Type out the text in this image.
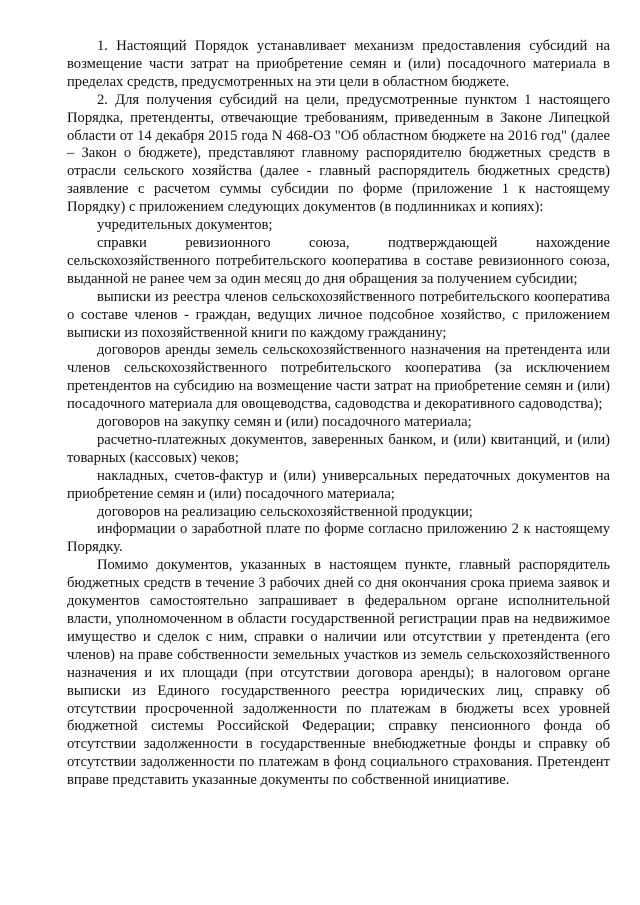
1. Настоящий Порядок устанавливает механизм предоставления субсидий на возмещение части затрат на приобретение семян и (или) посадочного материала в пределах средств, предусмотренных на эти цели в областном бюджете.

2. Для получения субсидий на цели, предусмотренные пунктом 1 настоящего Порядка, претенденты, отвечающие требованиям, приведенным в Законе Липецкой области от 14 декабря 2015 года N 468-ОЗ "Об областном бюджете на 2016 год" (далее – Закон о бюджете), представляют главному распорядителю бюджетных средств в отрасли сельского хозяйства (далее - главный распорядитель бюджетных средств) заявление с расчетом суммы субсидии по форме (приложение 1 к настоящему Порядку) с приложением следующих документов (в подлинниках и копиях):

учредительных документов;

справки ревизионного союза, подтверждающей нахождение сельскохозяйственного потребительского кооператива в составе ревизионного союза, выданной не ранее чем за один месяц до дня обращения за получением субсидии;

выписки из реестра членов сельскохозяйственного потребительского кооператива о составе членов - граждан, ведущих личное подсобное хозяйство, с приложением выписки из похозяйственной книги по каждому гражданину;

договоров аренды земель сельскохозяйственного назначения на претендента или членов сельскохозяйственного потребительского кооператива (за исключением претендентов на субсидию на возмещение части затрат на приобретение семян и (или) посадочного материала для овощеводства, садоводства и декоративного садоводства);

договоров на закупку семян и (или) посадочного материала;

расчетно-платежных документов, заверенных банком, и (или) квитанций, и (или) товарных (кассовых) чеков;

накладных, счетов-фактур и (или) универсальных передаточных документов на приобретение семян и (или) посадочного материала;

договоров на реализацию сельскохозяйственной продукции;

информации о заработной плате по форме согласно приложению 2 к настоящему Порядку.

Помимо документов, указанных в настоящем пункте, главный распорядитель бюджетных средств в течение 3 рабочих дней со дня окончания срока приема заявок и документов самостоятельно запрашивает в федеральном органе исполнительной власти, уполномоченном в области государственной регистрации прав на недвижимое имущество и сделок с ним, справки о наличии или отсутствии у претендента (его членов) на праве собственности земельных участков из земель сельскохозяйственного назначения и их площади (при отсутствии договора аренды); в налоговом органе выписки из Единого государственного реестра юридических лиц, справку об отсутствии просроченной задолженности по платежам в бюджеты всех уровней бюджетной системы Российской Федерации; справку пенсионного фонда об отсутствии задолженности в государственные внебюджетные фонды и справку об отсутствии задолженности по платежам в фонд социального страхования. Претендент вправе представить указанные документы по собственной инициативе.
